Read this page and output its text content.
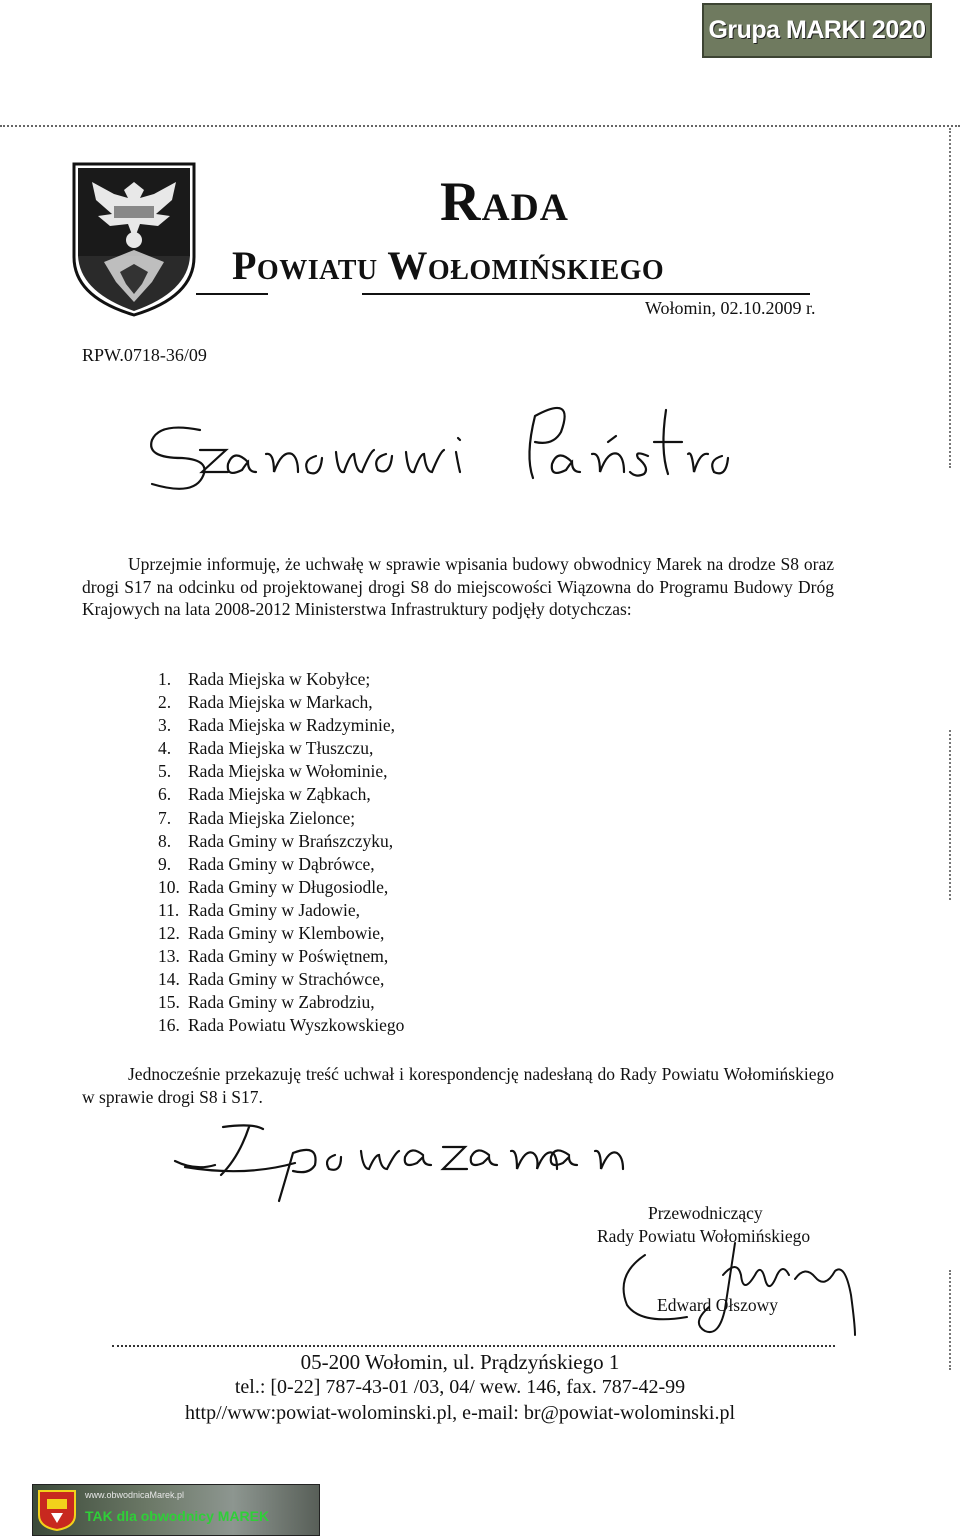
Grupa MARKI 2020
Rada
Powiatu Wołomińskiego
Wołomin, 02.10.2009 r.
RPW.0718-36/09

Uprzejmie informuję, że uchwałę w sprawie wpisania budowy obwodnicy Marek na drodze S8 oraz drogi S17 na odcinku od projektowanej drogi S8 do miejscowości Wiązowna do Programu Budowy Dróg Krajowych na lata 2008-2012 Ministerstwa Infrastruktury podjęły dotychczas:

1. Rada Miejska w Kobyłce;
2. Rada Miejska w Markach,
3. Rada Miejska w Radzyminie,
4. Rada Miejska w Tłuszczu,
5. Rada Miejska w Wołominie,
6. Rada Miejska w Ząbkach,
7. Rada Miejska Zielonce;
8. Rada Gminy w Brańszczyku,
9. Rada Gminy w Dąbrówce,
10. Rada Gminy w Długosiodle,
11. Rada Gminy w Jadowie,
12. Rada Gminy w Klembowie,
13. Rada Gminy w Poświętnem,
14. Rada Gminy w Strachówce,
15. Rada Gminy w Zabrodziu,
16. Rada Powiatu Wyszkowskiego

Jednocześnie przekazuję treść uchwał i korespondencję nadesłaną do Rady Powiatu Wołomińskiego w sprawie drogi S8 i S17.

Przewodniczący
Rady Powiatu Wołomińskiego
Edward Ołszowy
05-200 Wołomin, ul. Prądzyńskiego 1
tel.: [0-22] 787-43-01 /03, 04/ wew. 146, fax. 787-42-99
http//www:powiat-wolominski.pl, e-mail: br@powiat-wolominski.pl
www.obwodnicaMarek.pl
TAK dla obwodnicy MAREK
